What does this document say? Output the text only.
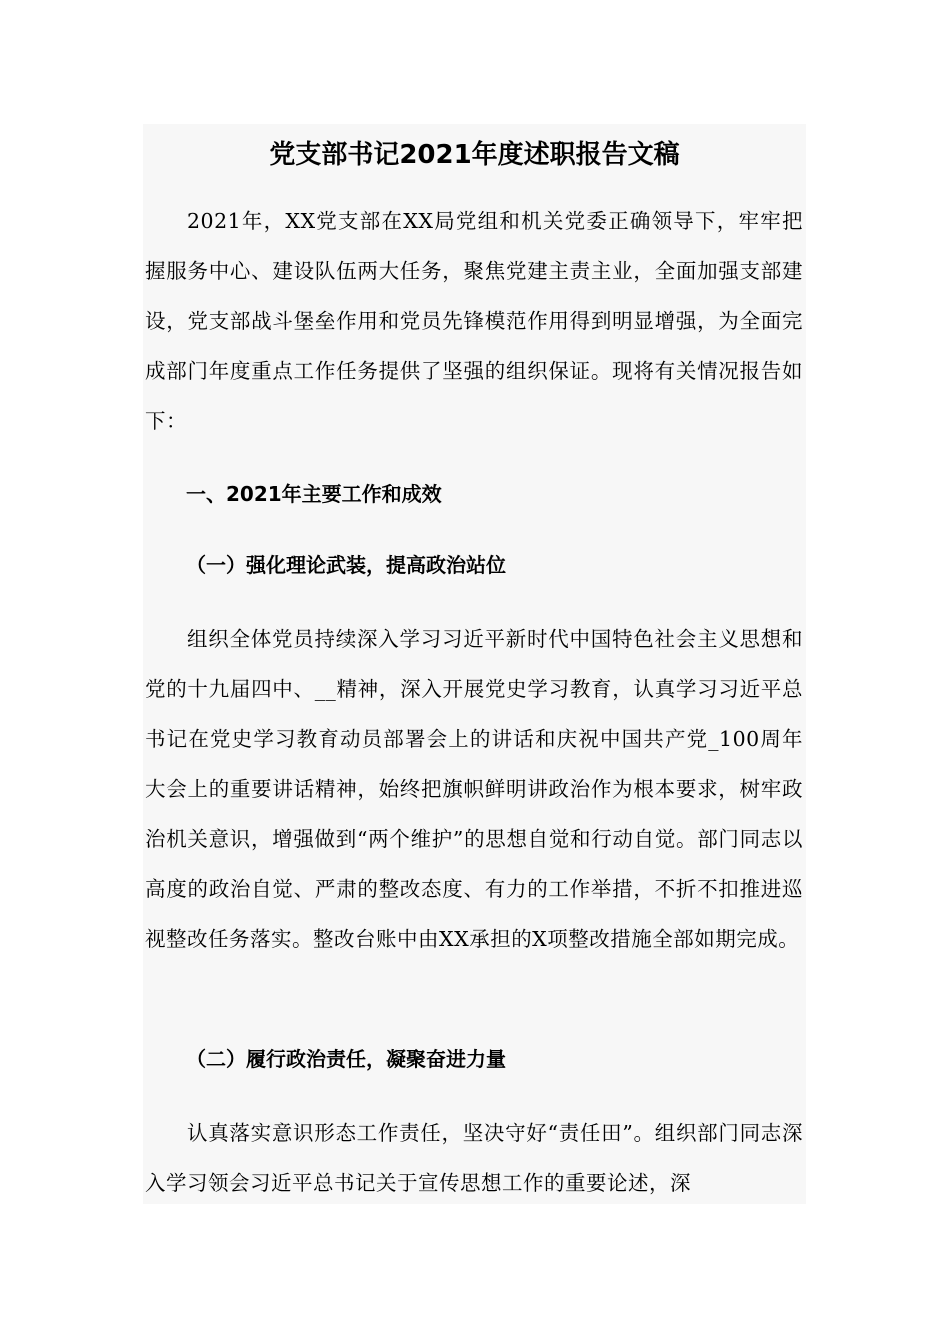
党支部书记2021年度述职报告文稿

2021年，XX党支部在XX局党组和机关党委正确领导下，牢牢把握服务中心、建设队伍两大任务，聚焦党建主责主业，全面加强支部建设，党支部战斗堡垒作用和党员先锋模范作用得到明显增强，为全面完成部门年度重点工作任务提供了坚强的组织保证。现将有关情况报告如下：

一、2021年主要工作和成效
（一）强化理论武装，提高政治站位

组织全体党员持续深入学习习近平新时代中国特色社会主义思想和党的十九届四中、__精神，深入开展党史学习教育，认真学习习近平总书记在党史学习教育动员部署会上的讲话和庆祝中国共产党_100周年大会上的重要讲话精神，始终把旗帜鲜明讲政治作为根本要求，树牢政治机关意识，增强做到“两个维护”的思想自觉和行动自觉。部门同志以高度的政治自觉、严肃的整改态度、有力的工作举措，不折不扣推进巡视整改任务落实。整改台账中由XX承担的X项整改措施全部如期完成。

（二）履行政治责任，凝聚奋进力量

认真落实意识形态工作责任，坚决守好“责任田”。组织部门同志深入学习领会习近平总书记关于宣传思想工作的重要论述，深
